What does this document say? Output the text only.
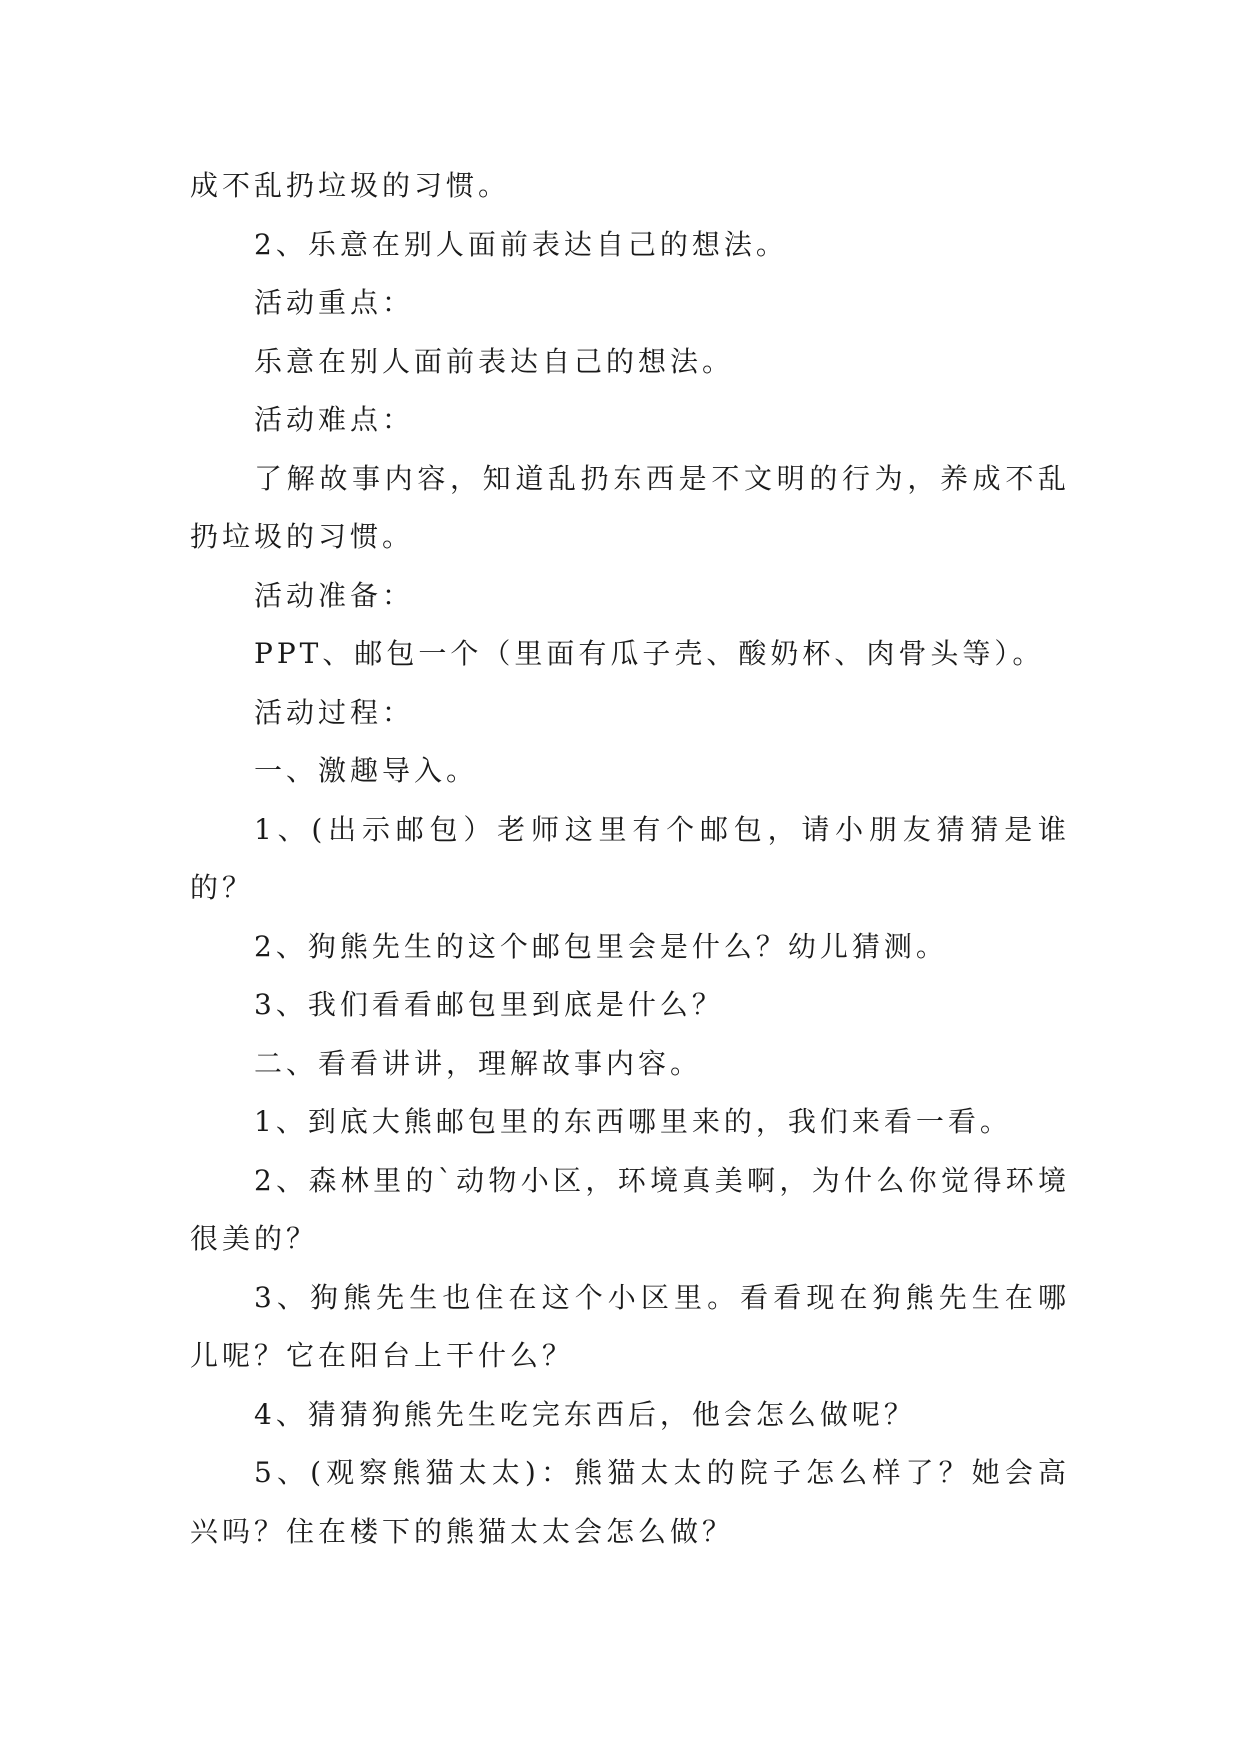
成不乱扔垃圾的习惯。

2、乐意在别人面前表达自己的想法。

活动重点：

乐意在别人面前表达自己的想法。

活动难点：

了解故事内容，知道乱扔东西是不文明的行为，养成不乱扔垃圾的习惯。

活动准备：

PPT、邮包一个（里面有瓜子壳、酸奶杯、肉骨头等）。

活动过程：

一、激趣导入。

1、(出示邮包）老师这里有个邮包，请小朋友猜猜是谁的？

2、狗熊先生的这个邮包里会是什么？幼儿猜测。

3、我们看看邮包里到底是什么？

二、看看讲讲，理解故事内容。

1、到底大熊邮包里的东西哪里来的，我们来看一看。

2、森林里的`动物小区，环境真美啊，为什么你觉得环境很美的？

3、狗熊先生也住在这个小区里。看看现在狗熊先生在哪儿呢？它在阳台上干什么？

4、猜猜狗熊先生吃完东西后，他会怎么做呢？

5、(观察熊猫太太)：熊猫太太的院子怎么样了？她会高兴吗？住在楼下的熊猫太太会怎么做？
